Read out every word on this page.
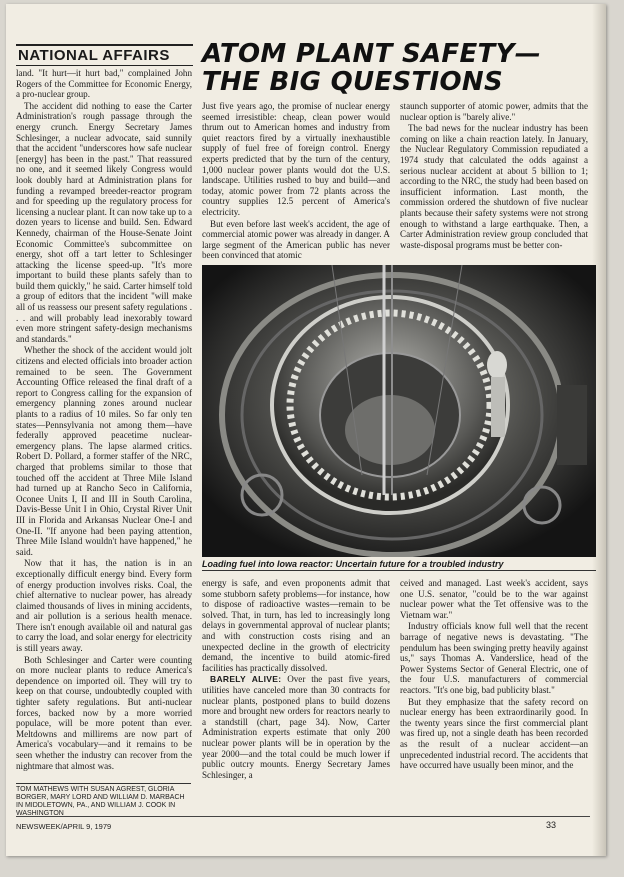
NATIONAL AFFAIRS	ATOM PLANT SAFETY—
THE BIG QUESTIONS

land. "It hurt—it hurt bad," complained John Rogers of the Committee for Economic Energy, a pro-nuclear group.

The accident did nothing to ease the Carter Administration's rough passage through the energy crunch. Energy Secretary James Schlesinger, a nuclear advocate, said sunnily that the accident "underscores how safe nuclear [energy] has been in the past." That reassured no one, and it seemed likely Congress would look doubly hard at Administration plans for funding a revamped breeder-reactor program and for speeding up the regulatory process for licensing a nuclear plant. It can now take up to a dozen years to license and build. Sen. Edward Kennedy, chairman of the House-Senate Joint Economic Committee's subcommittee on energy, shot off a tart letter to Schlesinger attacking the license speed-up. "It's more important to build these plants safely than to build them quickly," he said. Carter himself told a group of editors that the incident "will make all of us reassess our present safety regulations . . . and will probably lead inexorably toward even more stringent safety-design mechanisms and standards."

Whether the shock of the accident would jolt citizens and elected officials into broader action remained to be seen. The Government Accounting Office released the final draft of a report to Congress calling for the expansion of emergency planning zones around nuclear plants to a radius of 10 miles. So far only ten states—Pennsylvania not among them—have federally approved peacetime nuclear-emergency plans. The lapse alarmed critics. Robert D. Pollard, a former staffer of the NRC, charged that problems similar to those that touched off the accident at Three Mile Island had turned up at Rancho Seco in California, Oconee Units I, II and III in South Carolina, Davis-Besse Unit I in Ohio, Crystal River Unit III in Florida and Arkansas Nuclear One-I and One-II. "If anyone had been paying attention, Three Mile Island wouldn't have happened," he said.

Now that it has, the nation is in an exceptionally difficult energy bind. Every form of energy production involves risks. Coal, the chief alternative to nuclear power, has already claimed thousands of lives in mining accidents, and air pollution is a serious health menace. There isn't enough available oil and natural gas to carry the load, and solar energy for electricity is still years away.

Both Schlesinger and Carter were counting on more nuclear plants to reduce America's dependence on imported oil. They will try to keep on that course, undoubtedly coupled with tighter safety regulations. But anti-nuclear forces, backed now by a more worried populace, will be more potent than ever. Meltdowns and millirems are now part of America's vocabulary—and it remains to be seen whether the industry can recover from the nightmare that almost was.

TOM MATHEWS WITH SUSAN AGREST, GLORIA BORGER, MARY LORD AND WILLIAM D. MARBACH IN MIDDLETOWN, PA., AND WILLIAM J. COOK IN WASHINGTON

Just five years ago, the promise of nuclear energy seemed irresistible: cheap, clean power would thrum out to American homes and industry from quiet reactors fired by a virtually inexhaustible supply of fuel free of foreign control. Energy experts predicted that by the turn of the century, 1,000 nuclear power plants would dot the U.S. landscape. Utilities rushed to buy and build—and today, atomic power from 72 plants across the country supplies 12.5 percent of America's electricity.

But even before last week's accident, the age of commercial atomic power was already in danger. A large segment of the American public has never been convinced that atomic

staunch supporter of atomic power, admits that the nuclear option is "barely alive."

The bad news for the nuclear industry has been coming on like a chain reaction lately. In January, the Nuclear Regulatory Commission repudiated a 1974 study that calculated the odds against a serious nuclear accident at about 5 billion to 1; according to the NRC, the study had been based on insufficient information. Last month, the commission ordered the shutdown of five nuclear plants because their safety systems were not strong enough to withstand a large earthquake. Then, a Carter Administration review group concluded that waste-disposal programs must be better con-

Loading fuel into Iowa reactor: Uncertain future for a troubled industry

energy is safe, and even proponents admit that some stubborn safety problems—for instance, how to dispose of radioactive wastes—remain to be solved. That, in turn, has led to increasingly long delays in governmental approval of nuclear plants; and with construction costs rising and an unexpected decline in the growth of electricity demand, the incentive to build atomic-fired facilities has practically dissolved.

BARELY ALIVE: Over the past five years, utilities have canceled more than 30 contracts for nuclear plants, postponed plans to build dozens more and brought new orders for reactors nearly to a standstill (chart, page 34). Now, Carter Administration experts estimate that only 200 nuclear power plants will be in operation by the year 2000—and the total could be much lower if public outcry mounts. Energy Secretary James Schlesinger, a

ceived and managed. Last week's accident, says one U.S. senator, "could be to the war against nuclear power what the Tet offensive was to the Vietnam war."

Industry officials know full well that the recent barrage of negative news is devastating. "The pendulum has been swinging pretty heavily against us," says Thomas A. Vanderslice, head of the Power Systems Sector of General Electric, one of the four U.S. manufacturers of commercial reactors. "It's one big, bad publicity blast."

But they emphasize that the safety record on nuclear energy has been extraordinarily good. In the twenty years since the first commercial plant was fired up, not a single death has been recorded as the result of a nuclear accident—an unprecedented industrial record. The accidents that have occurred have usually been minor, and the

NEWSWEEK/APRIL 9, 1979	33
